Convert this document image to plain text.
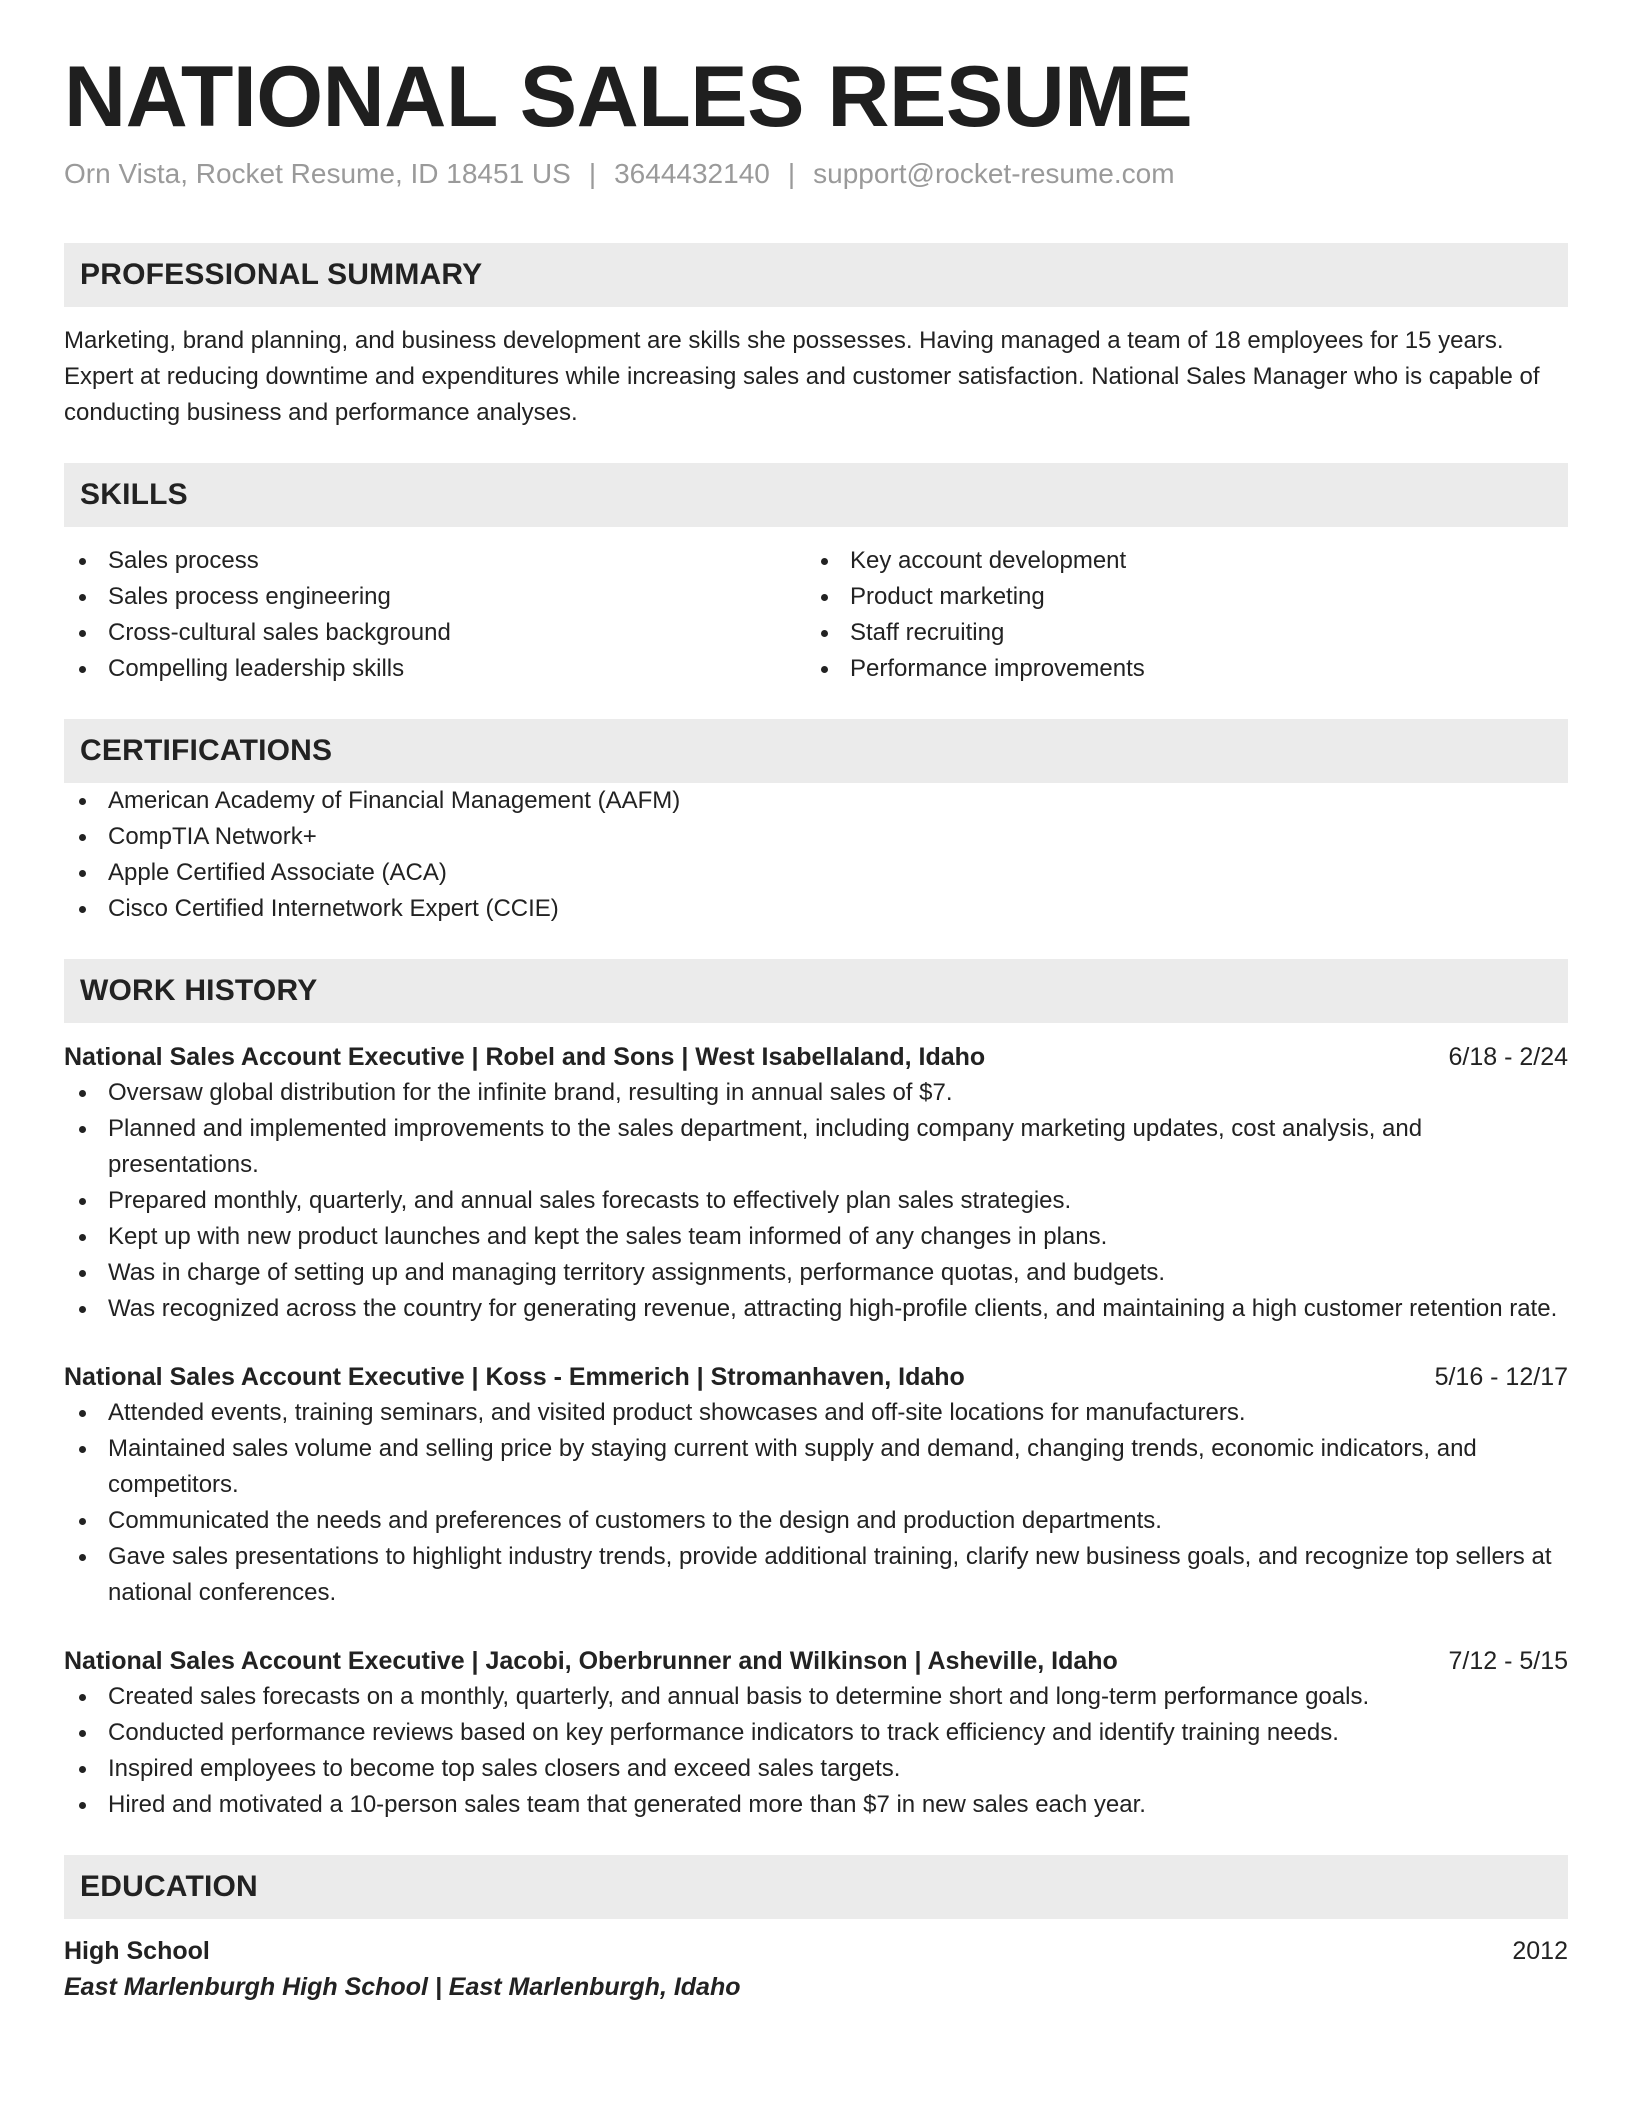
NATIONAL SALES RESUME
Orn Vista, Rocket Resume, ID 18451 US | 3644432140 | support@rocket-resume.com
PROFESSIONAL SUMMARY
Marketing, brand planning, and business development are skills she possesses. Having managed a team of 18 employees for 15 years. Expert at reducing downtime and expenditures while increasing sales and customer satisfaction. National Sales Manager who is capable of conducting business and performance analyses.
SKILLS
Sales process
Sales process engineering
Cross-cultural sales background
Compelling leadership skills
Key account development
Product marketing
Staff recruiting
Performance improvements
CERTIFICATIONS
American Academy of Financial Management (AAFM)
CompTIA Network+
Apple Certified Associate (ACA)
Cisco Certified Internetwork Expert (CCIE)
WORK HISTORY
National Sales Account Executive | Robel and Sons | West Isabellaland, Idaho	6/18 - 2/24
Oversaw global distribution for the infinite brand, resulting in annual sales of $7.
Planned and implemented improvements to the sales department, including company marketing updates, cost analysis, and presentations.
Prepared monthly, quarterly, and annual sales forecasts to effectively plan sales strategies.
Kept up with new product launches and kept the sales team informed of any changes in plans.
Was in charge of setting up and managing territory assignments, performance quotas, and budgets.
Was recognized across the country for generating revenue, attracting high-profile clients, and maintaining a high customer retention rate.
National Sales Account Executive | Koss - Emmerich | Stromanhaven, Idaho	5/16 - 12/17
Attended events, training seminars, and visited product showcases and off-site locations for manufacturers.
Maintained sales volume and selling price by staying current with supply and demand, changing trends, economic indicators, and competitors.
Communicated the needs and preferences of customers to the design and production departments.
Gave sales presentations to highlight industry trends, provide additional training, clarify new business goals, and recognize top sellers at national conferences.
National Sales Account Executive | Jacobi, Oberbrunner and Wilkinson | Asheville, Idaho	7/12 - 5/15
Created sales forecasts on a monthly, quarterly, and annual basis to determine short and long-term performance goals.
Conducted performance reviews based on key performance indicators to track efficiency and identify training needs.
Inspired employees to become top sales closers and exceed sales targets.
Hired and motivated a 10-person sales team that generated more than $7 in new sales each year.
EDUCATION
High School	2012
East Marlenburgh High School | East Marlenburgh, Idaho
